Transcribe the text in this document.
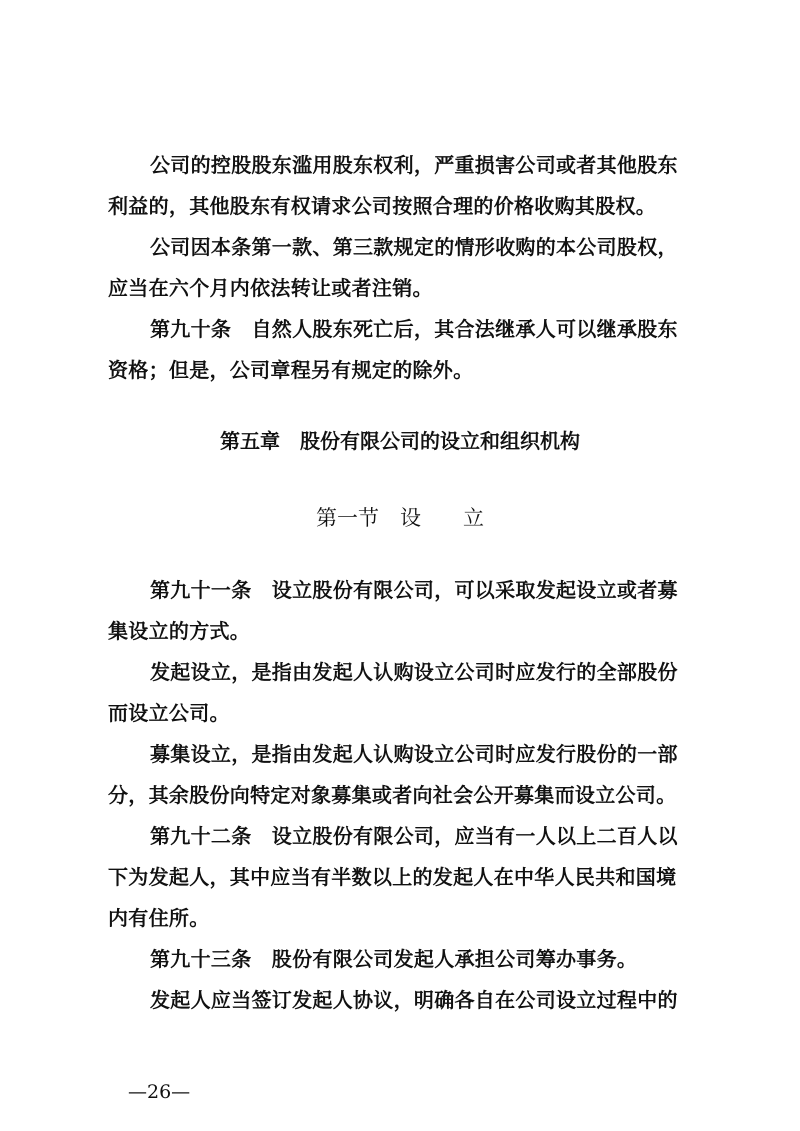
公司的控股股东滥用股东权利，严重损害公司或者其他股东
利益的，其他股东有权请求公司按照合理的价格收购其股权。
公司因本条第一款、第三款规定的情形收购的本公司股权，
应当在六个月内依法转让或者注销。
第九十条　自然人股东死亡后，其合法继承人可以继承股东
资格；但是，公司章程另有规定的除外。
第五章　股份有限公司的设立和组织机构
第一节　设　　立
第九十一条　设立股份有限公司，可以采取发起设立或者募
集设立的方式。
发起设立，是指由发起人认购设立公司时应发行的全部股份
而设立公司。
募集设立，是指由发起人认购设立公司时应发行股份的一部
分，其余股份向特定对象募集或者向社会公开募集而设立公司。
第九十二条　设立股份有限公司，应当有一人以上二百人以
下为发起人，其中应当有半数以上的发起人在中华人民共和国境
内有住所。
第九十三条　股份有限公司发起人承担公司筹办事务。
发起人应当签订发起人协议，明确各自在公司设立过程中的
—26—
